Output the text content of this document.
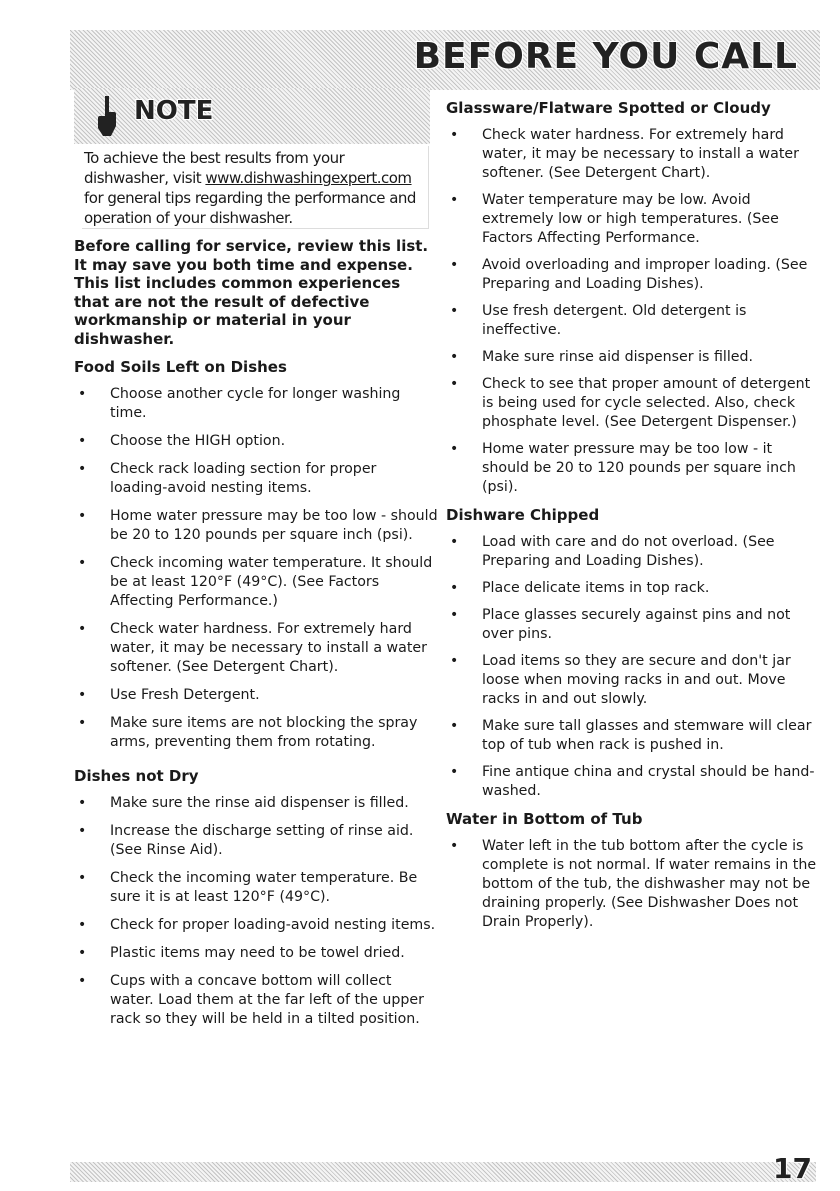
BEFORE YOU CALL
NOTE

To achieve the best results from your dishwasher, visit www.dishwashingexpert.com for general tips regarding the performance and operation of your dishwasher.

Before calling for service, review this list. It may save you both time and expense. This list includes common experiences that are not the result of defective workmanship or material in your dishwasher.

Food Soils Left on Dishes
• Choose another cycle for longer washing time.
• Choose the HIGH option.
• Check rack loading section for proper loading-avoid nesting items.
• Home water pressure may be too low - should be 20 to 120 pounds per square inch (psi).
• Check incoming water temperature. It should be at least 120°F (49°C). (See Factors Affecting Performance.)
• Check water hardness. For extremely hard water, it may be necessary to install a water softener. (See Detergent Chart).
• Use Fresh Detergent.
• Make sure items are not blocking the spray arms, preventing them from rotating.
Dishes not Dry
• Make sure the rinse aid dispenser is filled.
• Increase the discharge setting of rinse aid. (See Rinse Aid).
• Check the incoming water temperature. Be sure it is at least 120°F (49°C).
• Check for proper loading-avoid nesting items.
• Plastic items may need to be towel dried.
• Cups with a concave bottom will collect water. Load them at the far left of the upper rack so they will be held in a tilted position.
Glassware/Flatware Spotted or Cloudy
• Check water hardness. For extremely hard water, it may be necessary to install a water softener. (See Detergent Chart).
• Water temperature may be low. Avoid extremely low or high temperatures. (See Factors Affecting Performance.
• Avoid overloading and improper loading. (See Preparing and Loading Dishes).
• Use fresh detergent. Old detergent is ineffective.
• Make sure rinse aid dispenser is filled.
• Check to see that proper amount of detergent is being used for cycle selected. Also, check phosphate level. (See Detergent Dispenser.)
• Home water pressure may be too low - it should be 20 to 120 pounds per square inch (psi).
Dishware Chipped
• Load with care and do not overload. (See Preparing and Loading Dishes).
• Place delicate items in top rack.
• Place glasses securely against pins and not over pins.
• Load items so they are secure and don't jar loose when moving racks in and out. Move racks in and out slowly.
• Make sure tall glasses and stemware will clear top of tub when rack is pushed in.
• Fine antique china and crystal should be hand-washed.
Water in Bottom of Tub
• Water left in the tub bottom after the cycle is complete is not normal. If water remains in the bottom of the tub, the dishwasher may not be draining properly. (See Dishwasher Does not Drain Properly).
17
